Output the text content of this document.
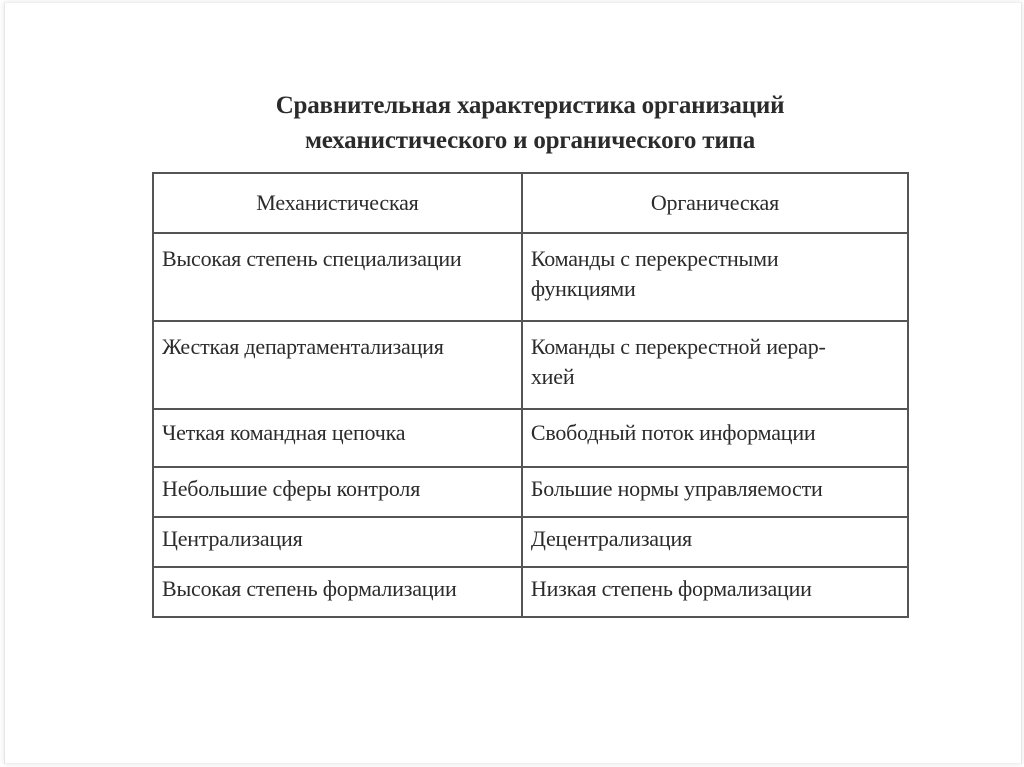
Сравнительная характеристика организаций
механистического и органического типа
Механистическая	Органическая
Высокая степень специализации	Команды с перекрестными
функциями
Жесткая департаментализация	Команды с перекрестной иерар-
хией
Четкая командная цепочка	Свободный поток информации
Небольшие сферы контроля	Большие нормы управляемости
Централизация	Децентрализация
Высокая степень формализации	Низкая степень формализации
